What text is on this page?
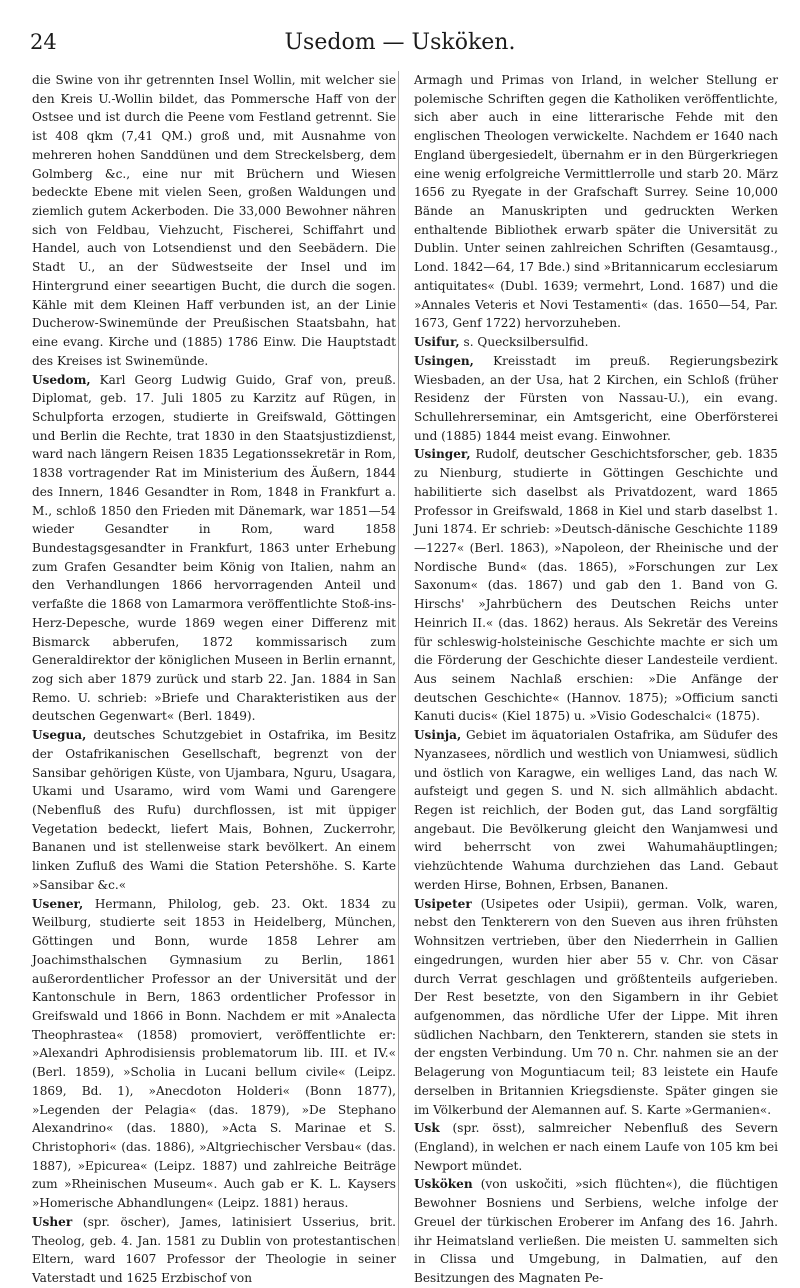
24	Usedom — Usköken.

die Swine von ihr getrennten Insel Wollin, mit welcher sie den Kreis U.-Wollin bildet, das Pommersche Haff von der Ostsee und ist durch die Peene vom Festland getrennt. Sie ist 408 qkm (7,41 QM.) groß und, mit Ausnahme von mehreren hohen Sanddünen und dem Streckelsberg, dem Golmberg &c., eine nur mit Brüchern und Wiesen bedeckte Ebene mit vielen Seen, großen Waldungen und ziemlich gutem Ackerboden. Die 33,000 Bewohner nähren sich von Feldbau, Viehzucht, Fischerei, Schiffahrt und Handel, auch von Lotsendienst und den Seebädern. Die Stadt U., an der Südwestseite der Insel und im Hintergrund einer seeartigen Bucht, die durch die sogen. Kähle mit dem Kleinen Haff verbunden ist, an der Linie Ducherow-Swinemünde der Preußischen Staatsbahn, hat eine evang. Kirche und (1885) 1786 Einw. Die Hauptstadt des Kreises ist Swinemünde.

Usedom, Karl Georg Ludwig Guido, Graf von, preuß. Diplomat, geb. 17. Juli 1805 zu Karzitz auf Rügen, in Schulpforta erzogen, studierte in Greifswald, Göttingen und Berlin die Rechte, trat 1830 in den Staatsjustizdienst, ward nach längern Reisen 1835 Legationssekretär in Rom, 1838 vortragender Rat im Ministerium des Äußern, 1844 des Innern, 1846 Gesandter in Rom, 1848 in Frankfurt a. M., schloß 1850 den Frieden mit Dänemark, war 1851—54 wieder Gesandter in Rom, ward 1858 Bundestagsgesandter in Frankfurt, 1863 unter Erhebung zum Grafen Gesandter beim König von Italien, nahm an den Verhandlungen 1866 hervorragenden Anteil und verfaßte die 1868 von Lamarmora veröffentlichte Stoß-ins-Herz-Depesche, wurde 1869 wegen einer Differenz mit Bismarck abberufen, 1872 kommissarisch zum Generaldirektor der königlichen Museen in Berlin ernannt, zog sich aber 1879 zurück und starb 22. Jan. 1884 in San Remo. U. schrieb: »Briefe und Charakteristiken aus der deutschen Gegenwart« (Berl. 1849).

Usegua, deutsches Schutzgebiet in Ostafrika, im Besitz der Ostafrikanischen Gesellschaft, begrenzt von der Sansibar gehörigen Küste, von Ujambara, Nguru, Usagara, Ukami und Usaramo, wird vom Wami und Garengere (Nebenfluß des Rufu) durchflossen, ist mit üppiger Vegetation bedeckt, liefert Mais, Bohnen, Zuckerrohr, Bananen und ist stellenweise stark bevölkert. An einem linken Zufluß des Wami die Station Petershöhe. S. Karte »Sansibar &c.«

Usener, Hermann, Philolog, geb. 23. Okt. 1834 zu Weilburg, studierte seit 1853 in Heidelberg, München, Göttingen und Bonn, wurde 1858 Lehrer am Joachimsthalschen Gymnasium zu Berlin, 1861 außerordentlicher Professor an der Universität und der Kantonschule in Bern, 1863 ordentlicher Professor in Greifswald und 1866 in Bonn. Nachdem er mit »Analecta Theophrastea« (1858) promoviert, veröffentlichte er: »Alexandri Aphrodisiensis problematorum lib. III. et IV.« (Berl. 1859), »Scholia in Lucani bellum civile« (Leipz. 1869, Bd. 1), »Anecdoton Holderi« (Bonn 1877), »Legenden der Pelagia« (das. 1879), »De Stephano Alexandrino« (das. 1880), »Acta S. Marinae et S. Christophori« (das. 1886), »Altgriechischer Versbau« (das. 1887), »Epicurea« (Leipz. 1887) und zahlreiche Beiträge zum »Rheinischen Museum«. Auch gab er K. L. Kaysers »Homerische Abhandlungen« (Leipz. 1881) heraus.

Usher (spr. öscher), James, latinisiert Usserius, brit. Theolog, geb. 4. Jan. 1581 zu Dublin von protestantischen Eltern, ward 1607 Professor der Theologie in seiner Vaterstadt und 1625 Erzbischof von

Armagh und Primas von Irland, in welcher Stellung er polemische Schriften gegen die Katholiken veröffentlichte, sich aber auch in eine litterarische Fehde mit den englischen Theologen verwickelte. Nachdem er 1640 nach England übergesiedelt, übernahm er in den Bürgerkriegen eine wenig erfolgreiche Vermittlerrolle und starb 20. März 1656 zu Ryegate in der Grafschaft Surrey. Seine 10,000 Bände an Manuskripten und gedruckten Werken enthaltende Bibliothek erwarb später die Universität zu Dublin. Unter seinen zahlreichen Schriften (Gesamtausg., Lond. 1842—64, 17 Bde.) sind »Britannicarum ecclesiarum antiquitates« (Dubl. 1639; vermehrt, Lond. 1687) und die »Annales Veteris et Novi Testamenti« (das. 1650—54, Par. 1673, Genf 1722) hervorzuheben.

Usifur, s. Quecksilbersulfid.

Usingen, Kreisstadt im preuß. Regierungsbezirk Wiesbaden, an der Usa, hat 2 Kirchen, ein Schloß (früher Residenz der Fürsten von Nassau-U.), ein evang. Schullehrerseminar, ein Amtsgericht, eine Oberförsterei und (1885) 1844 meist evang. Einwohner.

Usinger, Rudolf, deutscher Geschichtsforscher, geb. 1835 zu Nienburg, studierte in Göttingen Geschichte und habilitierte sich daselbst als Privatdozent, ward 1865 Professor in Greifswald, 1868 in Kiel und starb daselbst 1. Juni 1874. Er schrieb: »Deutsch-dänische Geschichte 1189—1227« (Berl. 1863), »Napoleon, der Rheinische und der Nordische Bund« (das. 1865), »Forschungen zur Lex Saxonum« (das. 1867) und gab den 1. Band von G. Hirschs' »Jahrbüchern des Deutschen Reichs unter Heinrich II.« (das. 1862) heraus. Als Sekretär des Vereins für schleswig-holsteinische Geschichte machte er sich um die Förderung der Geschichte dieser Landesteile verdient. Aus seinem Nachlaß erschien: »Die Anfänge der deutschen Geschichte« (Hannov. 1875); »Officium sancti Kanuti ducis« (Kiel 1875) u. »Visio Godeschalci« (1875).

Usinja, Gebiet im äquatorialen Ostafrika, am Südufer des Nyanzasees, nördlich und westlich von Uniamwesi, südlich und östlich von Karagwe, ein welliges Land, das nach W. aufsteigt und gegen S. und N. sich allmählich abdacht. Regen ist reichlich, der Boden gut, das Land sorgfältig angebaut. Die Bevölkerung gleicht den Wanjamwesi und wird beherrscht von zwei Wahumahäuptlingen; viehzüchtende Wahuma durchziehen das Land. Gebaut werden Hirse, Bohnen, Erbsen, Bananen.

Usipeter (Usipetes oder Usipii), german. Volk, waren, nebst den Tenkterern von den Sueven aus ihren frühsten Wohnsitzen vertrieben, über den Niederrhein in Gallien eingedrungen, wurden hier aber 55 v. Chr. von Cäsar durch Verrat geschlagen und größtenteils aufgerieben. Der Rest besetzte, von den Sigambern in ihr Gebiet aufgenommen, das nördliche Ufer der Lippe. Mit ihren südlichen Nachbarn, den Tenkterern, standen sie stets in der engsten Verbindung. Um 70 n. Chr. nahmen sie an der Belagerung von Moguntiacum teil; 83 leistete ein Haufe derselben in Britannien Kriegsdienste. Später gingen sie im Völkerbund der Alemannen auf. S. Karte »Germanien«.

Usk (spr. össt), salmreicher Nebenfluß des Severn (England), in welchen er nach einem Laufe von 105 km bei Newport mündet.

Usköken (von uskočiti, »sich flüchten«), die flüchtigen Bewohner Bosniens und Serbiens, welche infolge der Greuel der türkischen Eroberer im Anfang des 16. Jahrh. ihr Heimatsland verließen. Die meisten U. sammelten sich in Clissa und Umgebung, in Dalmatien, auf den Besitzungen des Magnaten Pe-
